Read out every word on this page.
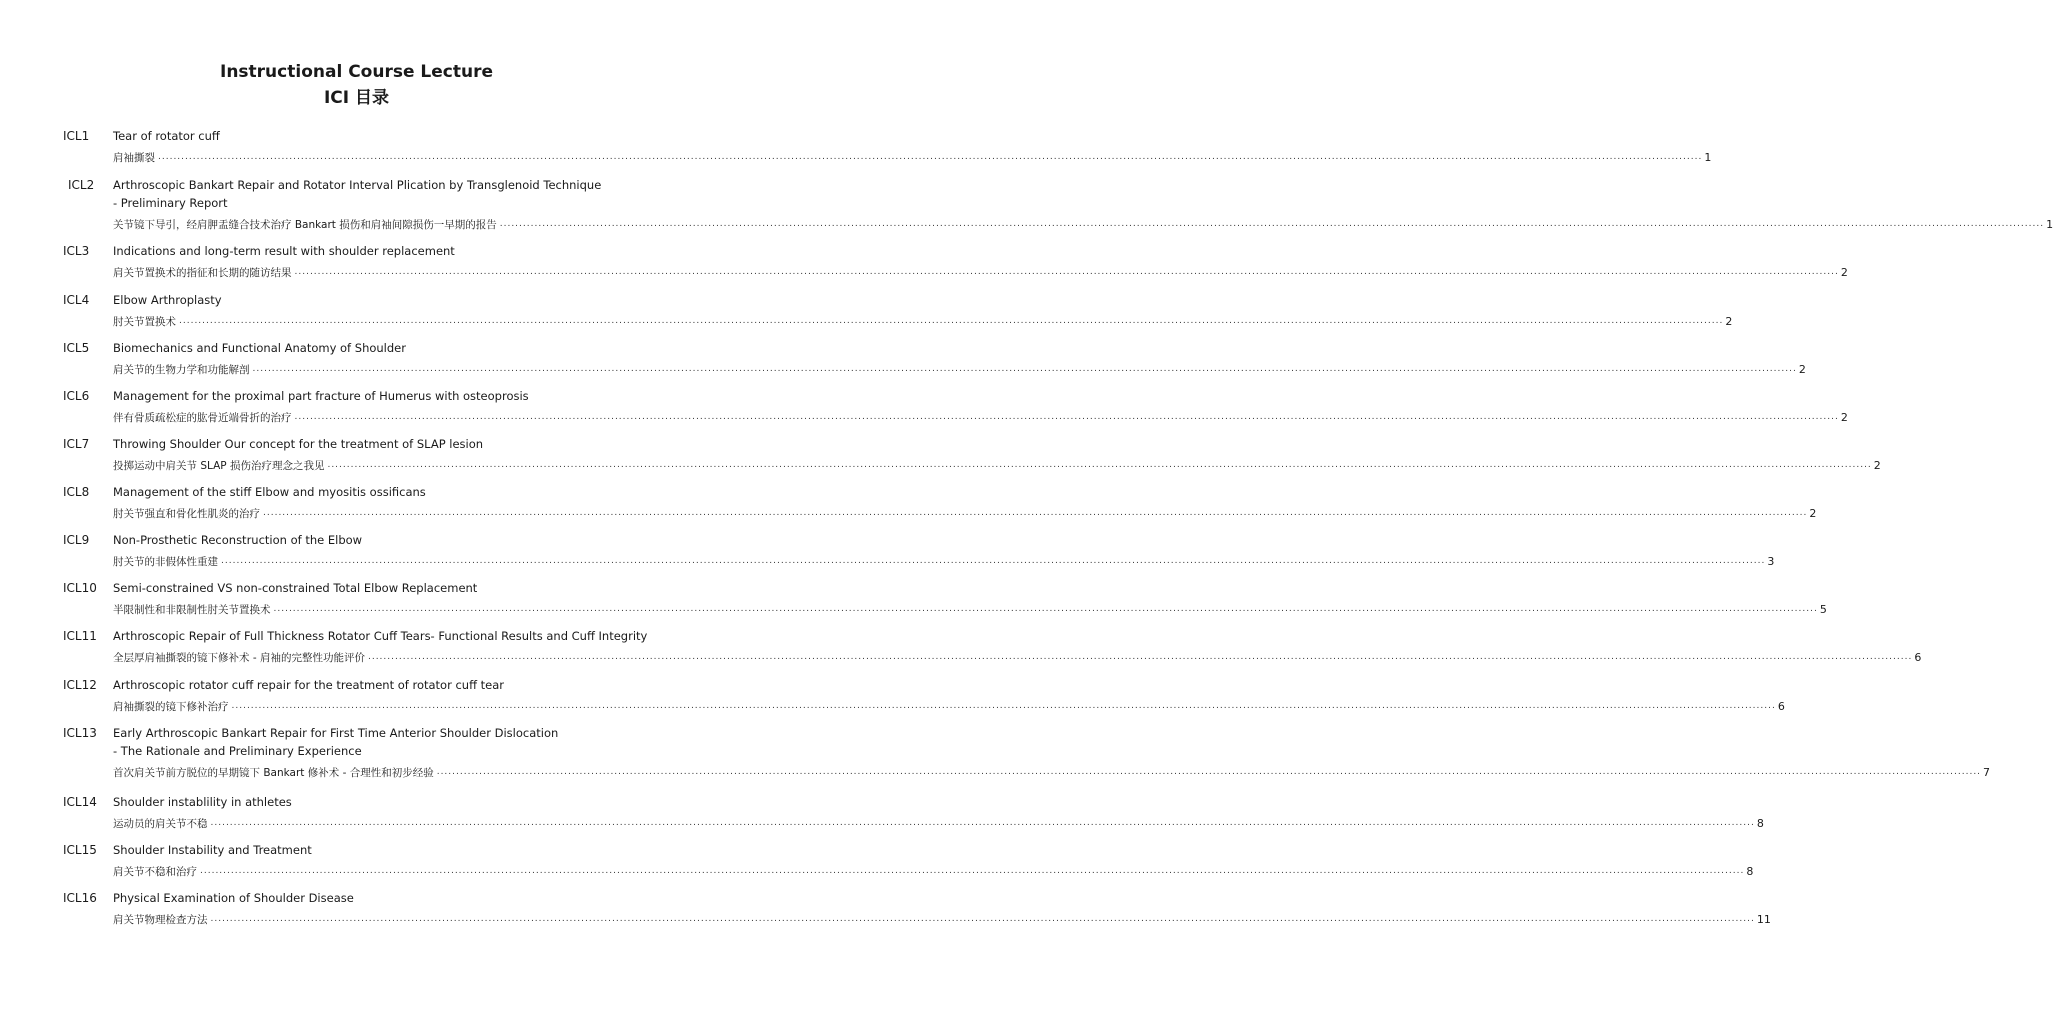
Instructional Course Lecture
ICI 目录
ICL1 Tear of rotator cuff
肩袖撕裂 ................................................................................................................................................................................................................................................................................................................................................................................................................ 1
ICL2 Arthroscopic Bankart Repair and Rotator Interval Plication by Transglenoid Technique
- Preliminary Report
关节镜下导引，经肩胛盂缝合技术治疗 Bankart 损伤和肩袖间隙损伤一早期的报告 ................................................................................................................................................................................................................................................................................................................................................................................................................ 1
ICL3 Indications and long-term result with shoulder replacement
肩关节置换术的指征和长期的随访结果 ................................................................................................................................................................................................................................................................................................................................................................................................................ 2
ICL4 Elbow Arthroplasty
肘关节置换术 ................................................................................................................................................................................................................................................................................................................................................................................................................ 2
ICL5 Biomechanics and Functional Anatomy of Shoulder
肩关节的生物力学和功能解剖 ................................................................................................................................................................................................................................................................................................................................................................................................................ 2
ICL6 Management for the proximal part fracture of Humerus with osteoprosis
伴有骨质疏松症的肱骨近端骨折的治疗 ................................................................................................................................................................................................................................................................................................................................................................................................................ 2
ICL7 Throwing Shoulder Our concept for the treatment of SLAP lesion
投掷运动中肩关节 SLAP 损伤治疗理念之我见 ................................................................................................................................................................................................................................................................................................................................................................................................................ 2
ICL8 Management of the stiff Elbow and myositis ossificans
肘关节强直和骨化性肌炎的治疗 ................................................................................................................................................................................................................................................................................................................................................................................................................ 2
ICL9 Non-Prosthetic Reconstruction of the Elbow
肘关节的非假体性重建 ................................................................................................................................................................................................................................................................................................................................................................................................................ 3
ICL10 Semi-constrained VS non-constrained Total Elbow Replacement
半限制性和非限制性肘关节置换术 ................................................................................................................................................................................................................................................................................................................................................................................................................ 5
ICL11 Arthroscopic Repair of Full Thickness Rotator Cuff Tears- Functional Results and Cuff Integrity
全层厚肩袖撕裂的镜下修补术 - 肩袖的完整性功能评价 ................................................................................................................................................................................................................................................................................................................................................................................................................ 6
ICL12 Arthroscopic rotator cuff repair for the treatment of rotator cuff tear
肩袖撕裂的镜下修补治疗 ................................................................................................................................................................................................................................................................................................................................................................................................................ 6
ICL13 Early Arthroscopic Bankart Repair for First Time Anterior Shoulder Dislocation
- The Rationale and Preliminary Experience
首次肩关节前方脱位的早期镜下 Bankart 修补术 - 合理性和初步经验 ................................................................................................................................................................................................................................................................................................................................................................................................................ 7
ICL14 Shoulder instablility in athletes
运动员的肩关节不稳 ................................................................................................................................................................................................................................................................................................................................................................................................................ 8
ICL15 Shoulder Instability and Treatment
肩关节不稳和治疗 ................................................................................................................................................................................................................................................................................................................................................................................................................ 8
ICL16 Physical Examination of Shoulder Disease
肩关节物理检查方法 ................................................................................................................................................................................................................................................................................................................................................................................................................ 11
